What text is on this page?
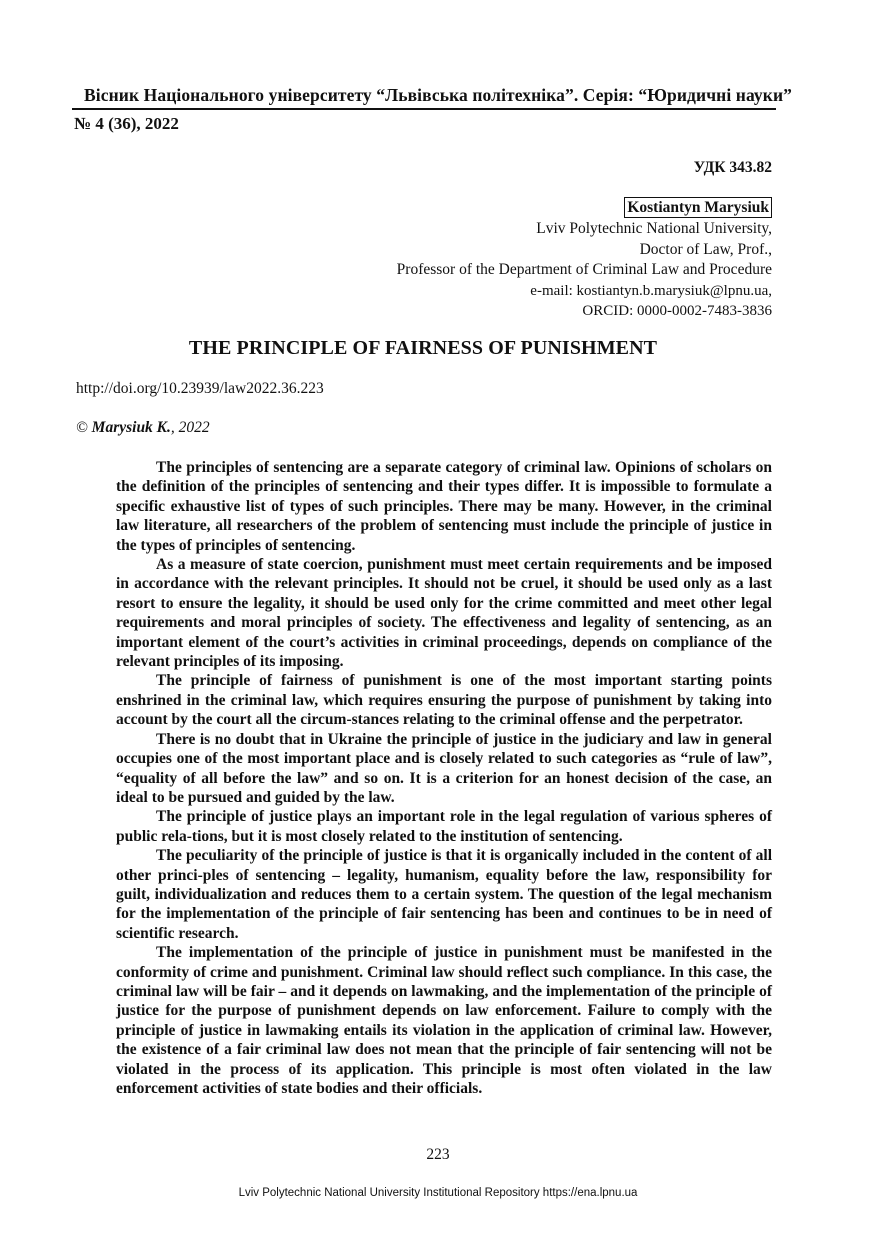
Вісник Національного університету “Львівська політехніка”. Серія: “Юридичні науки”
№ 4 (36), 2022
УДК 343.82
Kostiantyn Marysiuk
Lviv Polytechnic National University,
Doctor of Law, Prof.,
Professor of the Department of Criminal Law and Procedure
e-mail: kostiantyn.b.marysiuk@lpnu.ua,
ORCID: 0000-0002-7483-3836
THE PRINCIPLE OF FAIRNESS OF PUNISHMENT
http://doi.org/10.23939/law2022.36.223
© Marysiuk K., 2022

The principles of sentencing are a separate category of criminal law. Opinions of scholars on the definition of the principles of sentencing and their types differ. It is impossible to formulate a specific exhaustive list of types of such principles. There may be many. However, in the criminal law literature, all researchers of the problem of sentencing must include the principle of justice in the types of principles of sentencing.

As a measure of state coercion, punishment must meet certain requirements and be imposed in accordance with the relevant principles. It should not be cruel, it should be used only as a last resort to ensure the legality, it should be used only for the crime committed and meet other legal requirements and moral principles of society. The effectiveness and legality of sentencing, as an important element of the court’s activities in criminal proceedings, depends on compliance of the relevant principles of its imposing.

The principle of fairness of punishment is one of the most important starting points enshrined in the criminal law, which requires ensuring the purpose of punishment by taking into account by the court all the circum-stances relating to the criminal offense and the perpetrator.

There is no doubt that in Ukraine the principle of justice in the judiciary and law in general occupies one of the most important place and is closely related to such categories as “rule of law”, “equality of all before the law” and so on. It is a criterion for an honest decision of the case, an ideal to be pursued and guided by the law.

The principle of justice plays an important role in the legal regulation of various spheres of public rela-tions, but it is most closely related to the institution of sentencing.

The peculiarity of the principle of justice is that it is organically included in the content of all other princi-ples of sentencing – legality, humanism, equality before the law, responsibility for guilt, individualization and reduces them to a certain system. The question of the legal mechanism for the implementation of the principle of fair sentencing has been and continues to be in need of scientific research.

The implementation of the principle of justice in punishment must be manifested in the conformity of crime and punishment. Criminal law should reflect such compliance. In this case, the criminal law will be fair – and it depends on lawmaking, and the implementation of the principle of justice for the purpose of punishment depends on law enforcement. Failure to comply with the principle of justice in lawmaking entails its violation in the application of criminal law. However, the existence of a fair criminal law does not mean that the principle of fair sentencing will not be violated in the process of its application. This principle is most often violated in the law enforcement activities of state bodies and their officials.

223
Lviv Polytechnic National University Institutional Repository https://ena.lpnu.ua
